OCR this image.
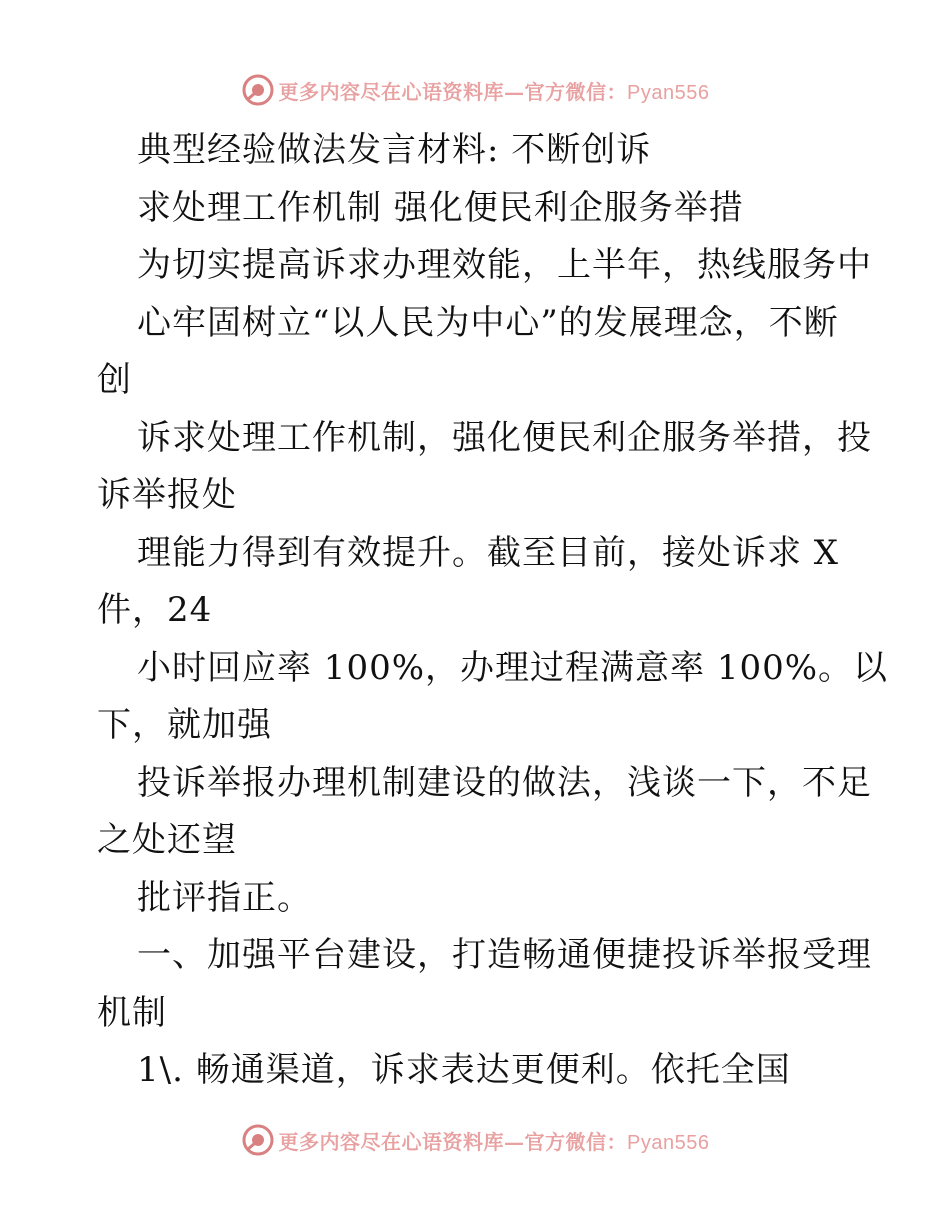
更多内容尽在心语资料库—官方微信：Pyan556
典型经验做法发言材料: 不断创诉
求处理工作机制 强化便民利企服务举措
为切实提高诉求办理效能，上半年，热线服务中
心牢固树立“以人民为中心”的发展理念，不断
创
诉求处理工作机制，强化便民利企服务举措，投
诉举报处
理能力得到有效提升。截至目前，接处诉求 X
件，24
小时回应率 100%，办理过程满意率 100%。以
下，就加强
投诉举报办理机制建设的做法，浅谈一下，不足
之处还望
批评指正。
一、加强平台建设，打造畅通便捷投诉举报受理
机制
1\. 畅通渠道，诉求表达更便利。依托全国
更多内容尽在心语资料库—官方微信：Pyan556
